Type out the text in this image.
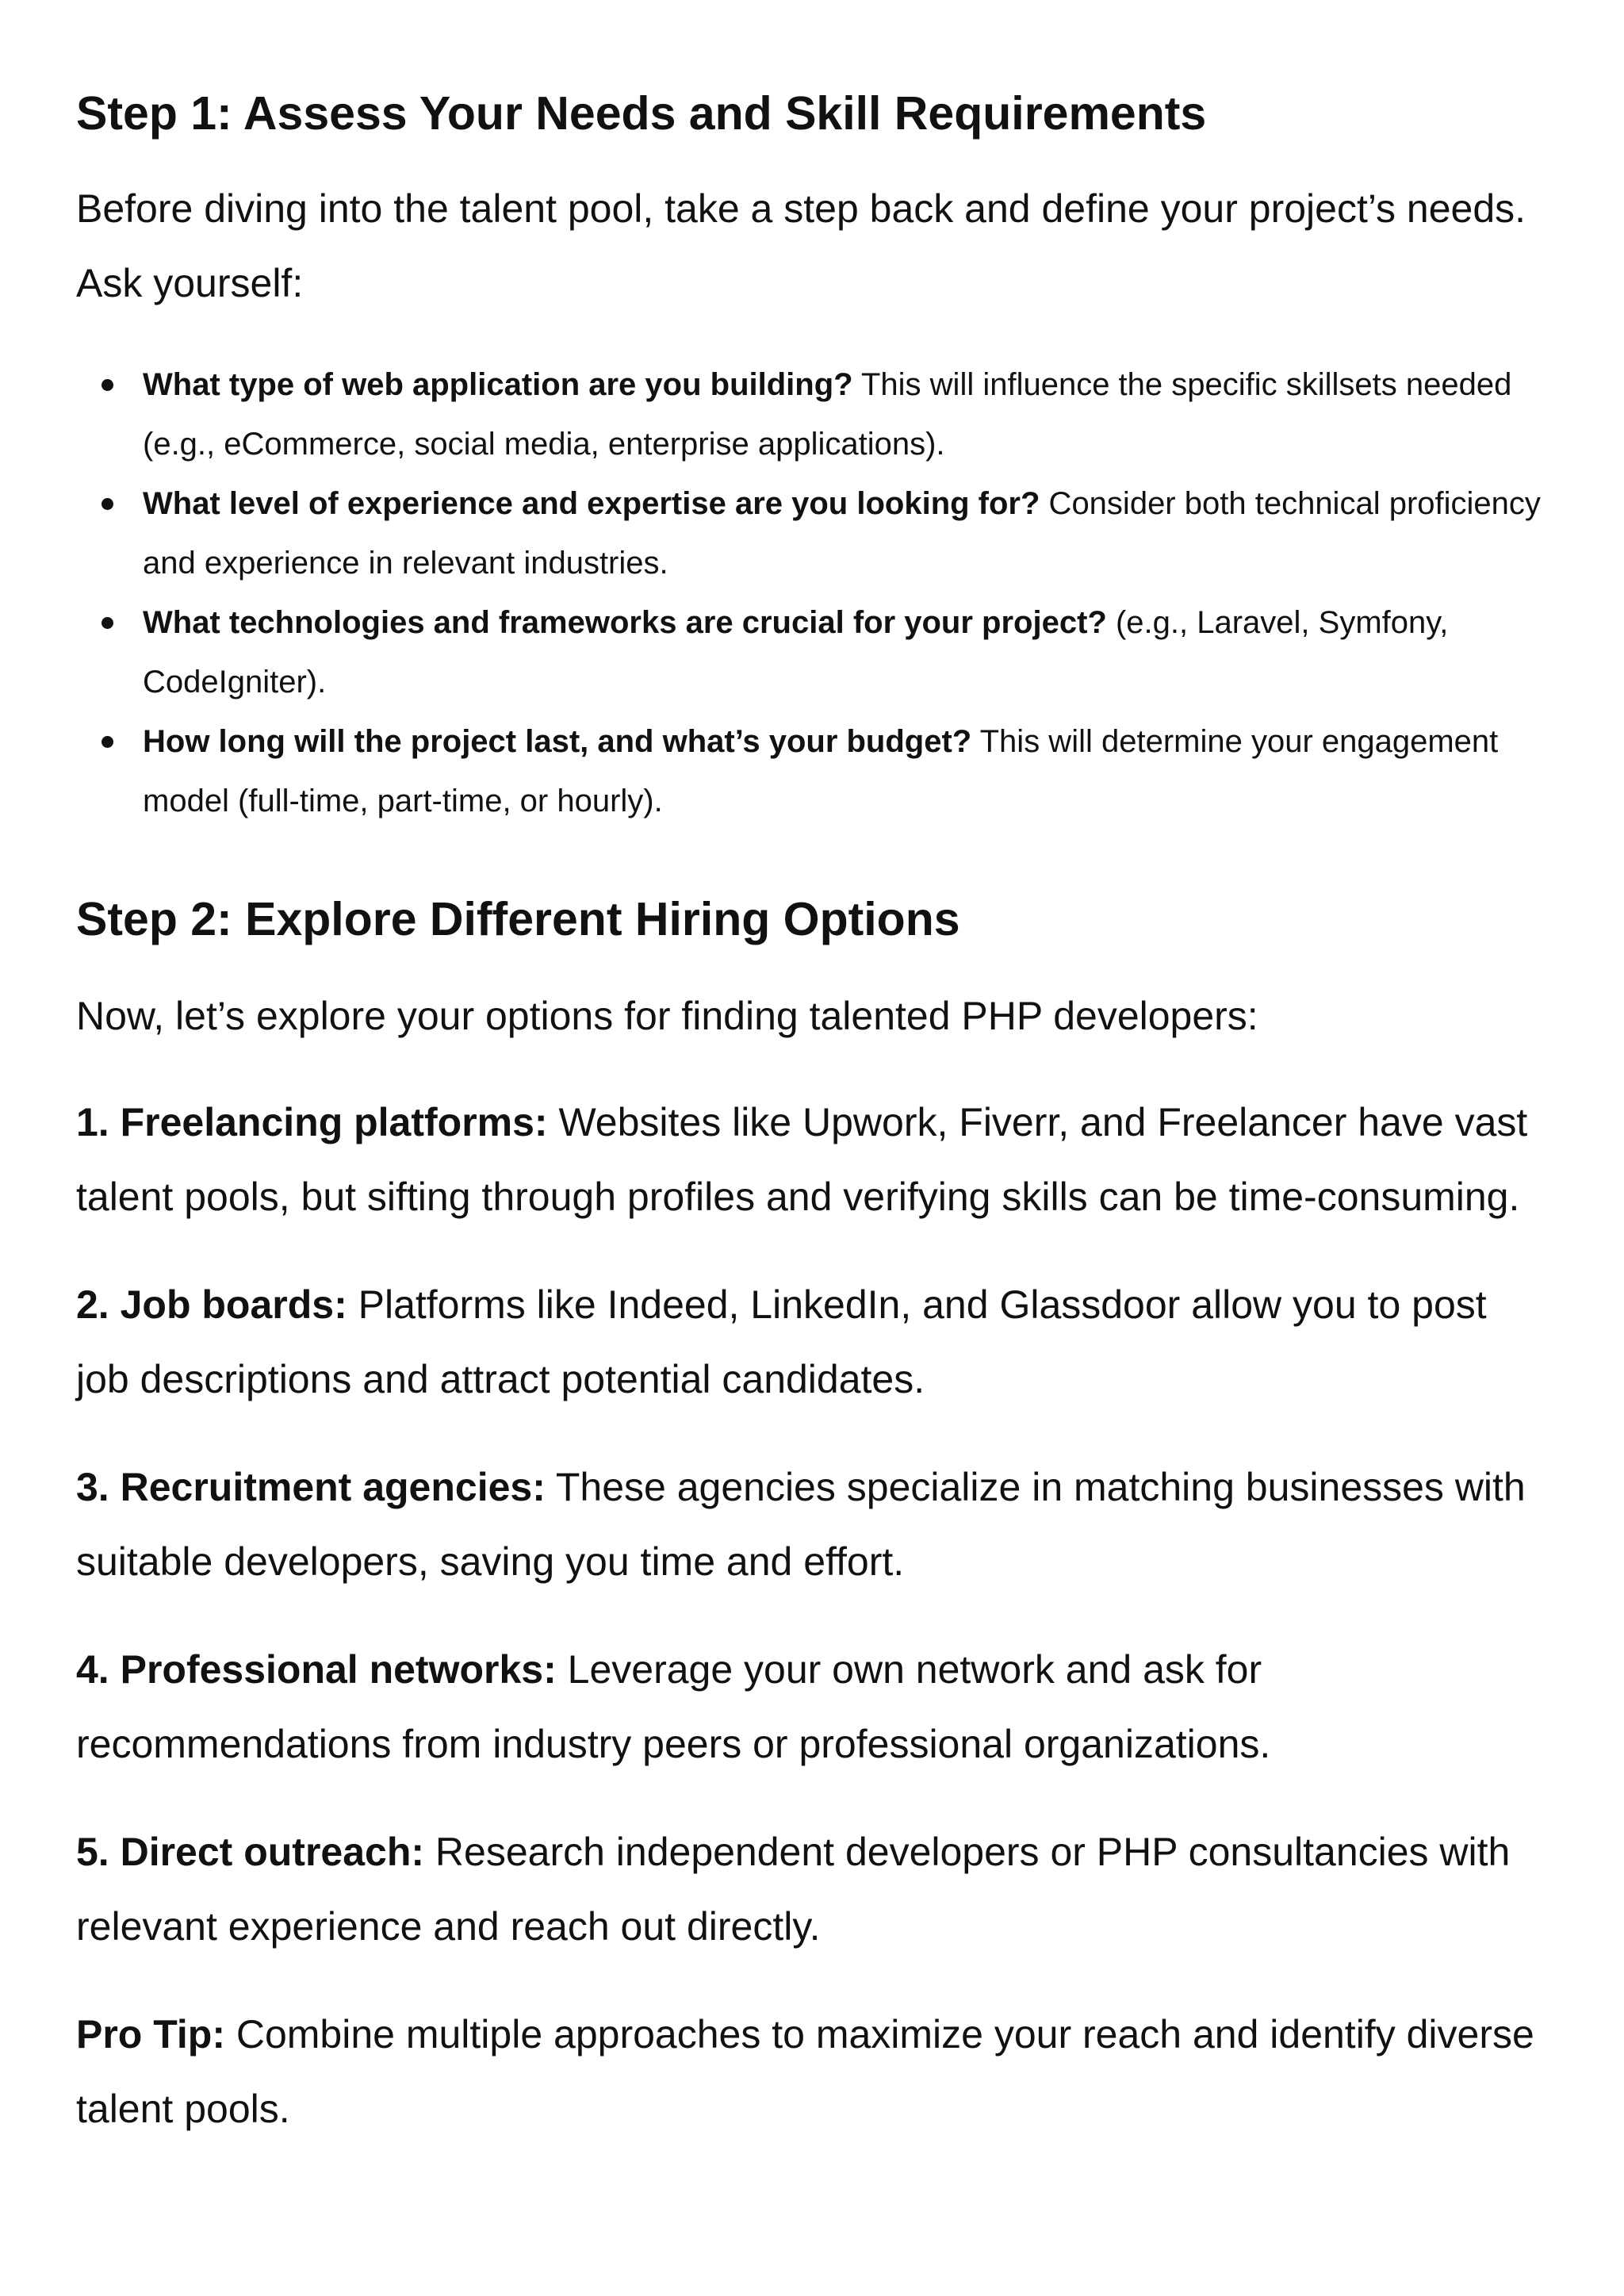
Step 1: Assess Your Needs and Skill Requirements

Before diving into the talent pool, take a step back and define your project’s needs. Ask yourself:

What type of web application are you building? This will influence the specific skillsets needed (e.g., eCommerce, social media, enterprise applications).
What level of experience and expertise are you looking for? Consider both technical proficiency and experience in relevant industries.
What technologies and frameworks are crucial for your project? (e.g., Laravel, Symfony, CodeIgniter).
How long will the project last, and what’s your budget? This will determine your engagement model (full-time, part-time, or hourly).
Step 2: Explore Different Hiring Options

Now, let’s explore your options for finding talented PHP developers:

1. Freelancing platforms: Websites like Upwork, Fiverr, and Freelancer have vast talent pools, but sifting through profiles and verifying skills can be time-consuming.

2. Job boards: Platforms like Indeed, LinkedIn, and Glassdoor allow you to post job descriptions and attract potential candidates.

3. Recruitment agencies: These agencies specialize in matching businesses with suitable developers, saving you time and effort.

4. Professional networks: Leverage your own network and ask for recommendations from industry peers or professional organizations.

5. Direct outreach: Research independent developers or PHP consultancies with relevant experience and reach out directly.

Pro Tip: Combine multiple approaches to maximize your reach and identify diverse talent pools.
